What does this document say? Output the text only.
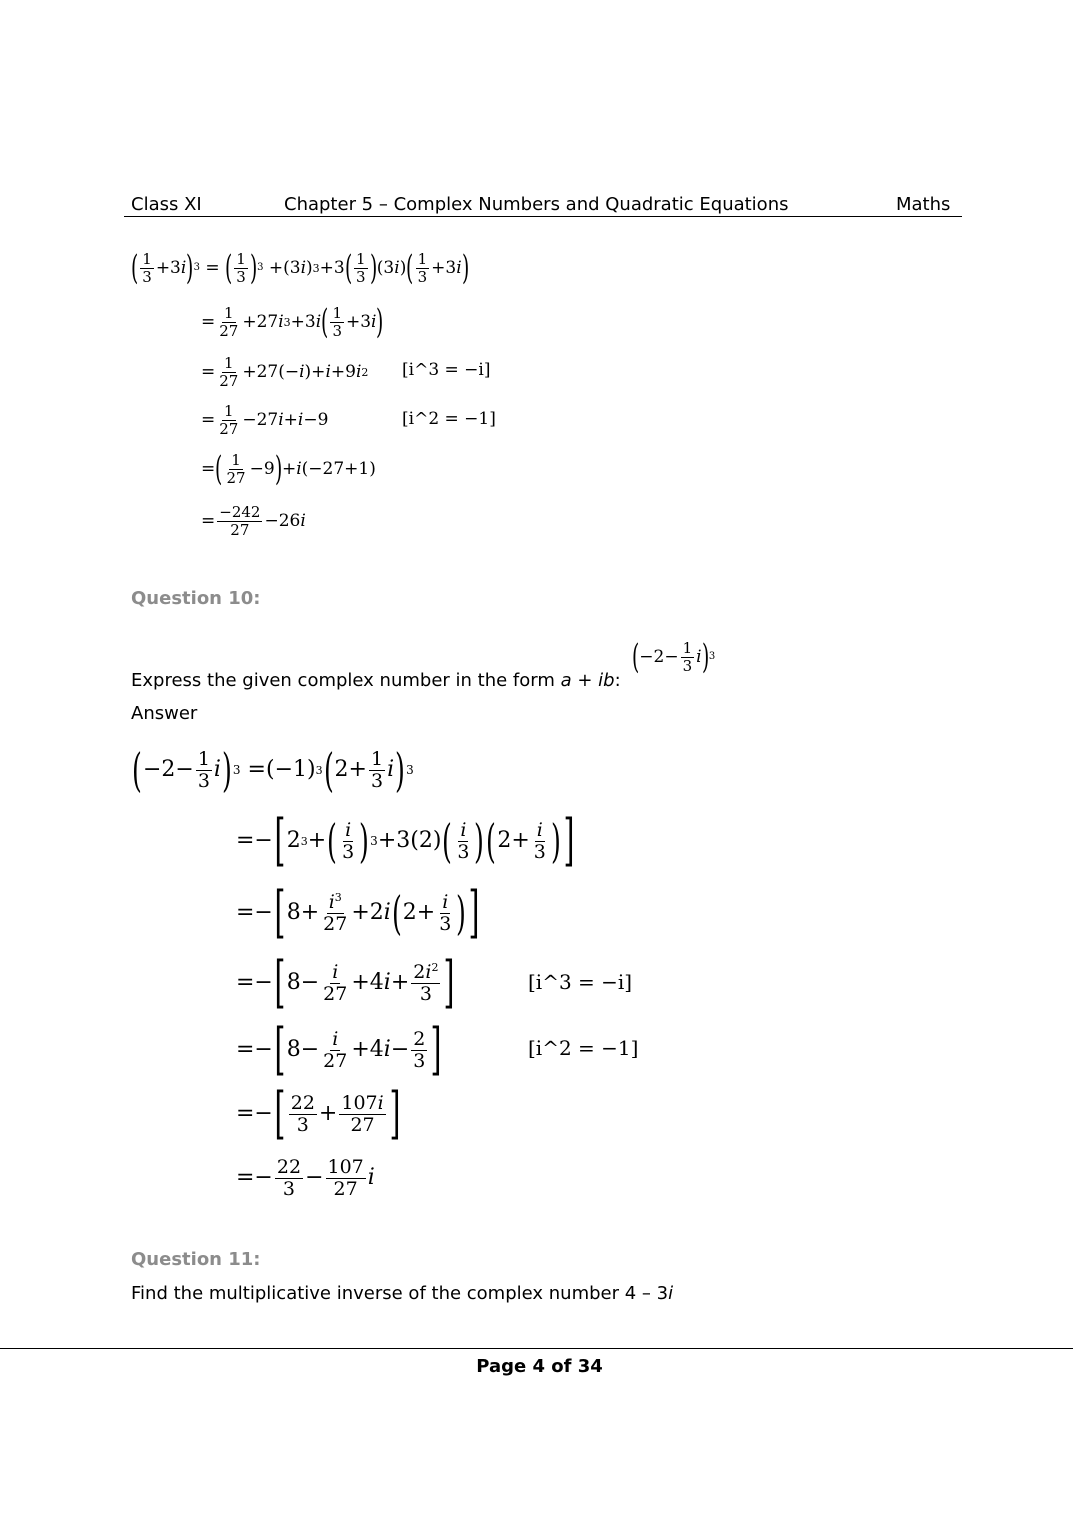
Class XI	Chapter 5 – Complex Numbers and Quadratic Equations	Maths
( $\frac{1}{3} +3$ i ) 3 = ( $\frac{1}{3}$ ) 3 +(3 i ) 3 +3 ( $\frac{1}{3}$ ) (3 i ) ( $\frac{1}{3} +3$ i )
= $\frac{1}{27} +27$ i 3 +3 i ( $\frac{1}{3} +3$ i )
= $\frac{1}{27} +27(- i$ )+ i +9 i 2 [i^3 = −i]
= $\frac{1}{27} -27$ i + i −9	[i^2 = −1]
= ( $\frac{1}{27} -9$ ) + i (−27+1)
= $\frac{-242}{27} -26$ i
Question 10:
Express the given complex number in the form a + ib:
( $-2- \frac{1}{3}$ i ) 3
Answer
( $-2- \frac{1}{3}$ i ) 3 =(−1) 3 ( $2+ \frac{1}{3}$ i ) 3
=− [ 2 3 + ( $\frac{i}{3}$ ) 3 +3(2) ( $\frac{i}{3}$ ) ( $2+ \frac{i}{3}$ ) ]
=− [ $8+ \frac{i^3}{27} +2$ i ( $2+ \frac{i}{3}$ ) ]
=− [ $8- \frac{i}{27} +4$ $i + \frac{2i^2}{3}$ ]	[i^3 = −i]
=− [ $8- \frac{i}{27} +4$ $i - \frac{2}{3}$ ]	[i^2 = −1]
=− [ $\frac{22}{3} + \frac{107i}{27}$ ]
=− $\frac{22}{3} - \frac{107}{27}$ i
Question 11:
Find the multiplicative inverse of the complex number 4 – 3i
Page 4 of 34
